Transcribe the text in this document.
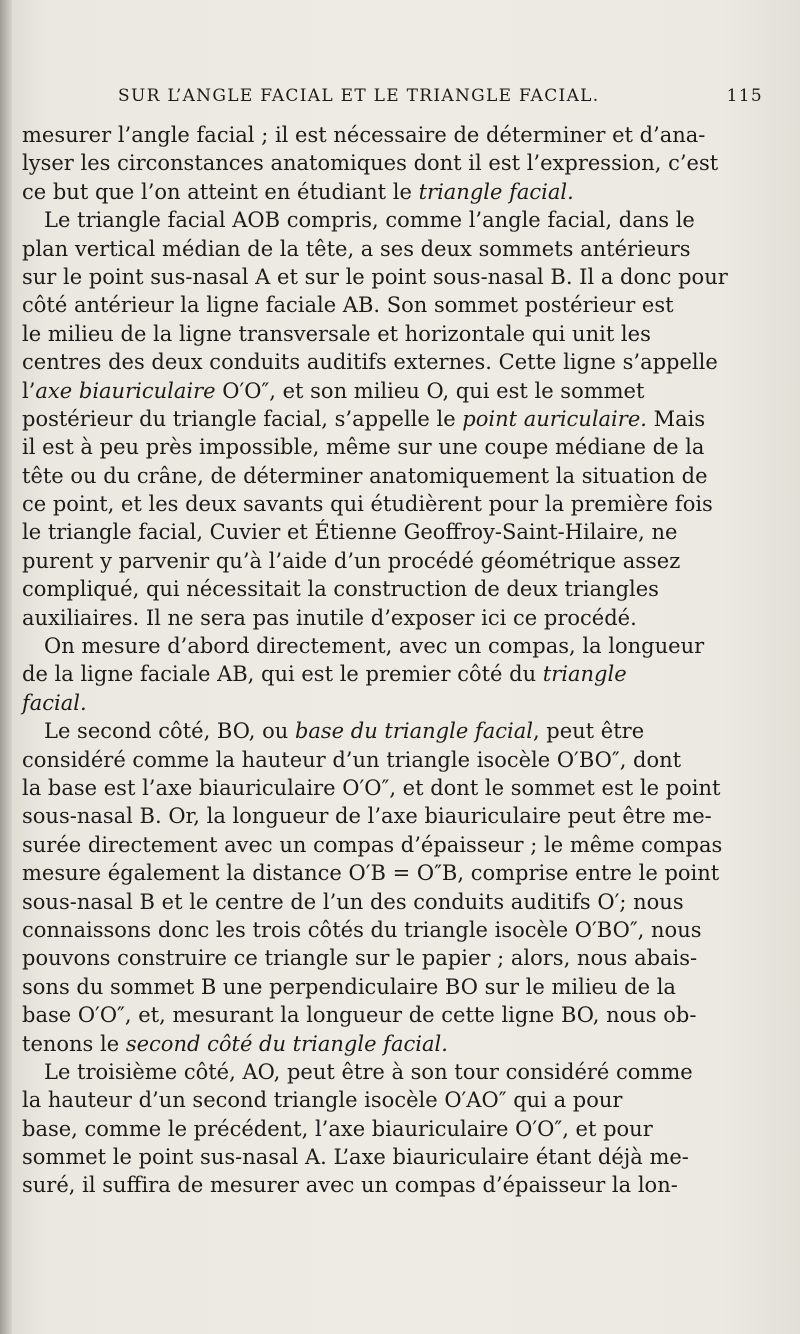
SUR L’ANGLE FACIAL ET LE TRIANGLE FACIAL.	115
mesurer l’angle facial ; il est nécessaire de déterminer et d’ana-
lyser les circonstances anatomiques dont il est l’expression, c’est
ce but que l’on atteint en étudiant le triangle facial.
Le triangle facial AOB compris, comme l’angle facial, dans le
plan vertical médian de la tête, a ses deux sommets antérieurs
sur le point sus-nasal A et sur le point sous-nasal B. Il a donc pour
côté antérieur la ligne faciale AB. Son sommet postérieur est
le milieu de la ligne transversale et horizontale qui unit les
centres des deux conduits auditifs externes. Cette ligne s’appelle
l’axe biauriculaire O′O″, et son milieu O, qui est le sommet
postérieur du triangle facial, s’appelle le point auriculaire. Mais
il est à peu près impossible, même sur une coupe médiane de la
tête ou du crâne, de déterminer anatomiquement la situation de
ce point, et les deux savants qui étudièrent pour la première fois
le triangle facial, Cuvier et Étienne Geoffroy-Saint-Hilaire, ne
purent y parvenir qu’à l’aide d’un procédé géométrique assez
compliqué, qui nécessitait la construction de deux triangles
auxiliaires. Il ne sera pas inutile d’exposer ici ce procédé.
On mesure d’abord directement, avec un compas, la longueur
de la ligne faciale AB, qui est le premier côté du triangle
facial.
Le second côté, BO, ou base du triangle facial, peut être
considéré comme la hauteur d’un triangle isocèle O′BO″, dont
la base est l’axe biauriculaire O′O″, et dont le sommet est le point
sous-nasal B. Or, la longueur de l’axe biauriculaire peut être me-
surée directement avec un compas d’épaisseur ; le même compas
mesure également la distance O′B = O″B, comprise entre le point
sous-nasal B et le centre de l’un des conduits auditifs O′; nous
connaissons donc les trois côtés du triangle isocèle O′BO″, nous
pouvons construire ce triangle sur le papier ; alors, nous abais-
sons du sommet B une perpendiculaire BO sur le milieu de la
base O′O″, et, mesurant la longueur de cette ligne BO, nous ob-
tenons le second côté du triangle facial.
Le troisième côté, AO, peut être à son tour considéré comme
la hauteur d’un second triangle isocèle O′AO″ qui a pour
base, comme le précédent, l’axe biauriculaire O′O″, et pour
sommet le point sus-nasal A. L’axe biauriculaire étant déjà me-
suré, il suffira de mesurer avec un compas d’épaisseur la lon-
